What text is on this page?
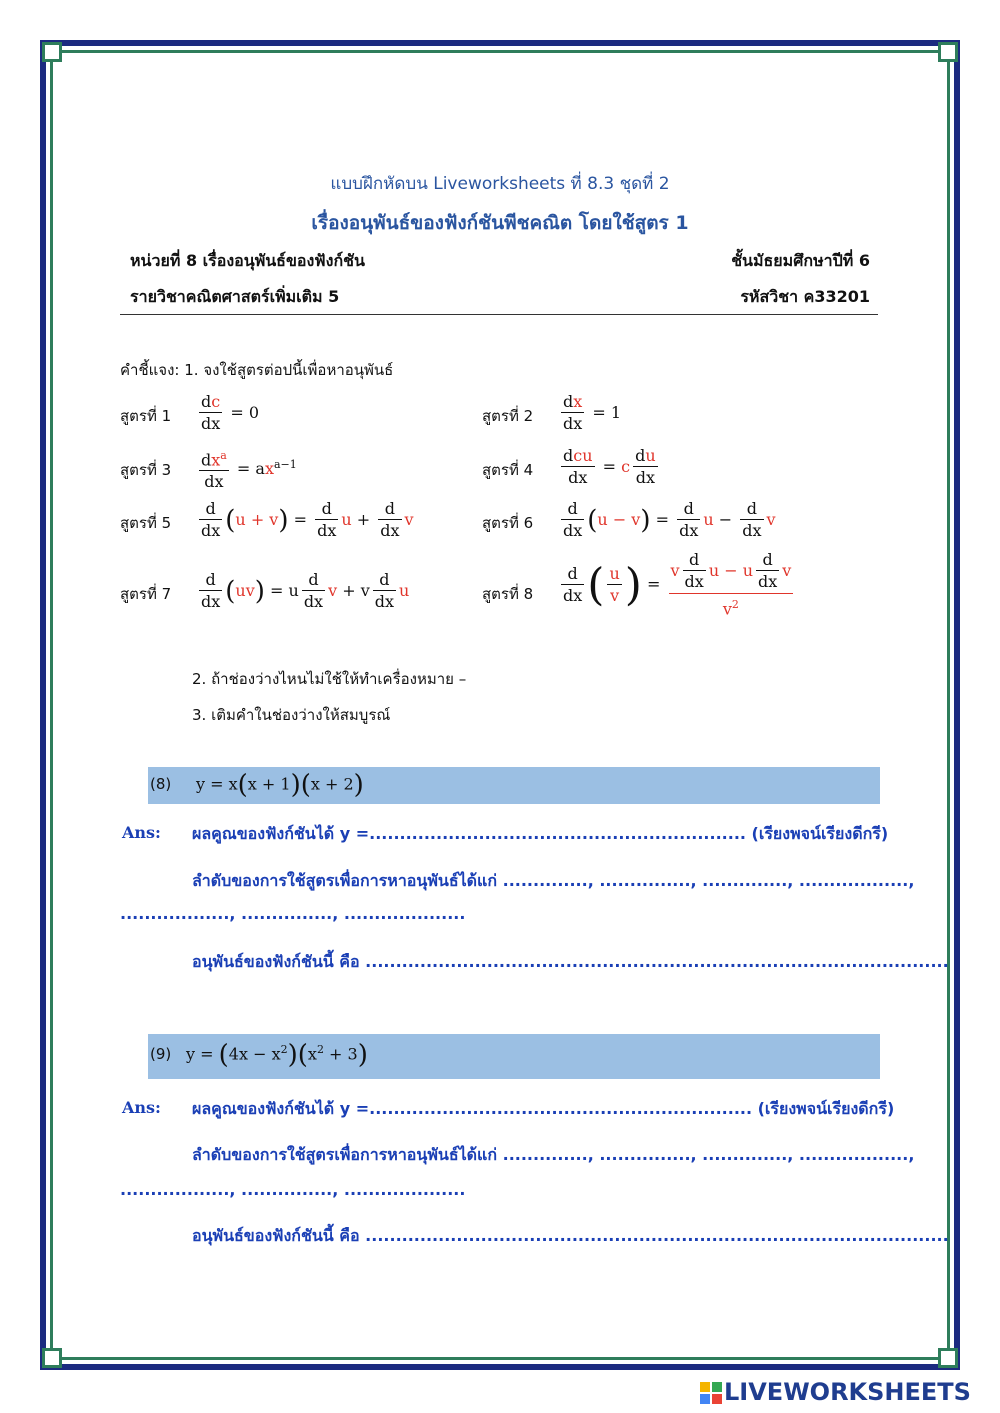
แบบฝึกหัดบน Liveworksheets ที่ 8.3 ชุดที่ 2
เรื่องอนุพันธ์ของฟังก์ชันพีชคณิต โดยใช้สูตร 1
หน่วยที่ 8 เรื่องอนุพันธ์ของฟังก์ชัน	ชั้นมัธยมศึกษาปีที่ 6
รายวิชาคณิตศาสตร์เพิ่มเติม 5	รหัสวิชา ค33201
คำชี้แจง: 1. จงใช้สูตรต่อปนี้เพื่อหาอนุพันธ์
สูตรที่ $1 \frac{dc}{dx} = 0$	สูตรที่ $2 \frac{dx}{dx} = 1$
สูตรที่ $3 \frac{dx^a}{dx} = ax^{a-1}$	สูตรที่ $4 \frac{\text{dcu}}{dx} = c \frac{du}{dx}$
สูตรที่ $5 \frac{d}{dx} (u + v) = \frac{d}{dx}$ $u + \frac{d}{dx}$ v	สูตรที่ $6 \frac{d}{dx} (u - v) = \frac{d}{dx}$ $u - \frac{d}{dx}$ v
สูตรที่ $7 \frac{d}{dx} (uv) = u \frac{d}{dx}$ v + v $\frac{d}{dx}$ u	สูตรที่ $8 \frac{d}{dx}$ ( $\frac{u}{v}$ ) = $\frac{v \frac{d}{dx} u - u \frac{d}{dx} v}{v^2}$
2. ถ้าช่องว่างไหนไม่ใช้ให้ทำเครื่องหมาย –
3. เติมคำในช่องว่างให้สมบูรณ์
(8) y = x(x + 1)(x + 2)
Ans: ผลคูณของฟังก์ชันได้ y =.............................................................. (เรียงพจน์เรียงดีกรี)
ลำดับของการใช้สูตรเพื่อการหาอนุพันธ์ได้แก่ .............., ..............., .............., ..................,
.................., ..............., ....................
อนุพันธ์ของฟังก์ชันนี้ คือ ................................................................................................
(9) $y = (4x - x^2)(x^2 + 3)$
Ans: ผลคูณของฟังก์ชันได้ y =............................................................... (เรียงพจน์เรียงดีกรี)
ลำดับของการใช้สูตรเพื่อการหาอนุพันธ์ได้แก่ .............., ..............., .............., ..................,
.................., ..............., ....................
อนุพันธ์ของฟังก์ชันนี้ คือ ................................................................................................
LIVEWORKSHEETS
